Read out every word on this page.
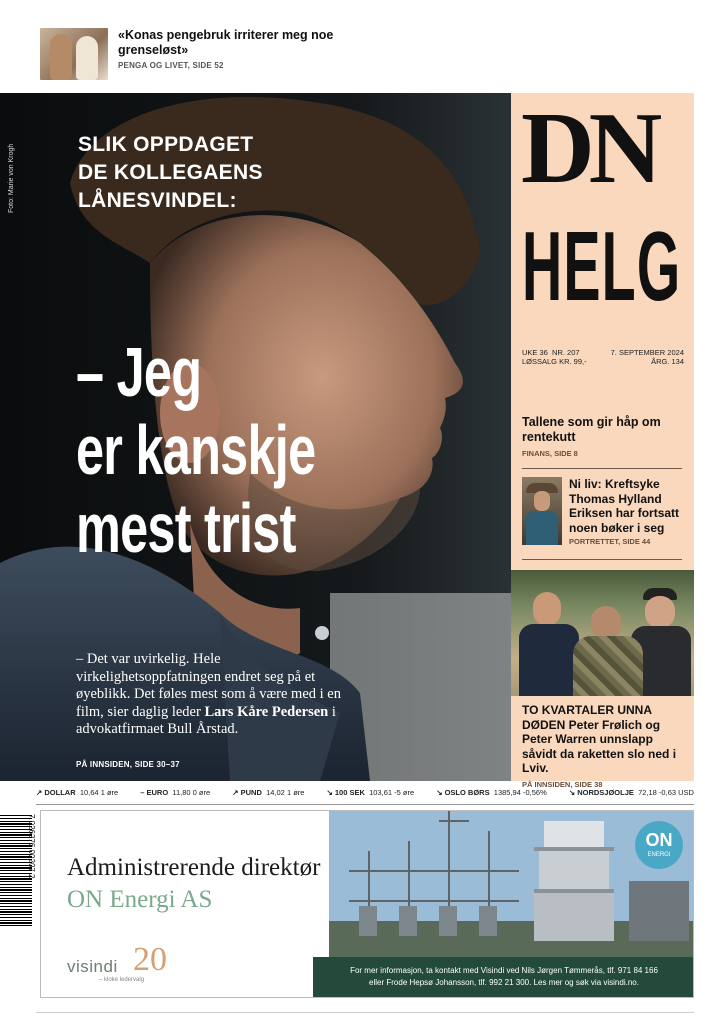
«Konas pengebruk irriterer meg noe grenseløst»
PENGA OG LIVET, SIDE 52
Foto: Marie von Krogh	SLIK OPPDAGET
DE KOLLEGAENS
LÅNESVINDEL:
– Jeg
er kanskje
mest trist
– Det var uvirkelig. Hele virkelighetsoppfatningen endret seg på et øyeblikk. Det føles mest som å være med i en film, sier daglig leder Lars Kåre Pedersen i advokatfirmaet Bull Årstad.
PÅ INNSIDEN, SIDE 30–37
DN
HELG
UKE 36 NR. 207	7. SEPTEMBER 2024
LØSSALG KR. 99,-	ÅRG. 134
Tallene som gir håp om rentekutt
FINANS, SIDE 8
Ni liv: Kreftsyke Thomas Hylland Eriksen har fortsatt noen bøker i seg
PORTRETTET, SIDE 44
TO KVARTALER UNNA DØDEN Peter Frølich og Peter Warren unnslapp såvidt da raketten slo ned i Lviv.
PÅ INNSIDEN, SIDE 38
↗ DOLLAR 10,64 1 øre	– EURO 11,80 0 øre	↗ PUND 14,02 1 øre	↘ 100 SEK 103,61 -5 øre	↘ OSLO BØRS 1385,94 -0,56%	↘ NORDSJØOLJE 72,18 -0,63 USD
7 026276 00207 2 Administrerende direktør
ON Energi AS
visindi 20
– kloke ledervalg
ON
ENERGI
For mer informasjon, ta kontakt med Visindi ved Nils Jørgen Tømmerås, tlf. 971 84 166
eller Frode Hepsø Johansson, tlf. 992 21 300. Les mer og søk via visindi.no.
